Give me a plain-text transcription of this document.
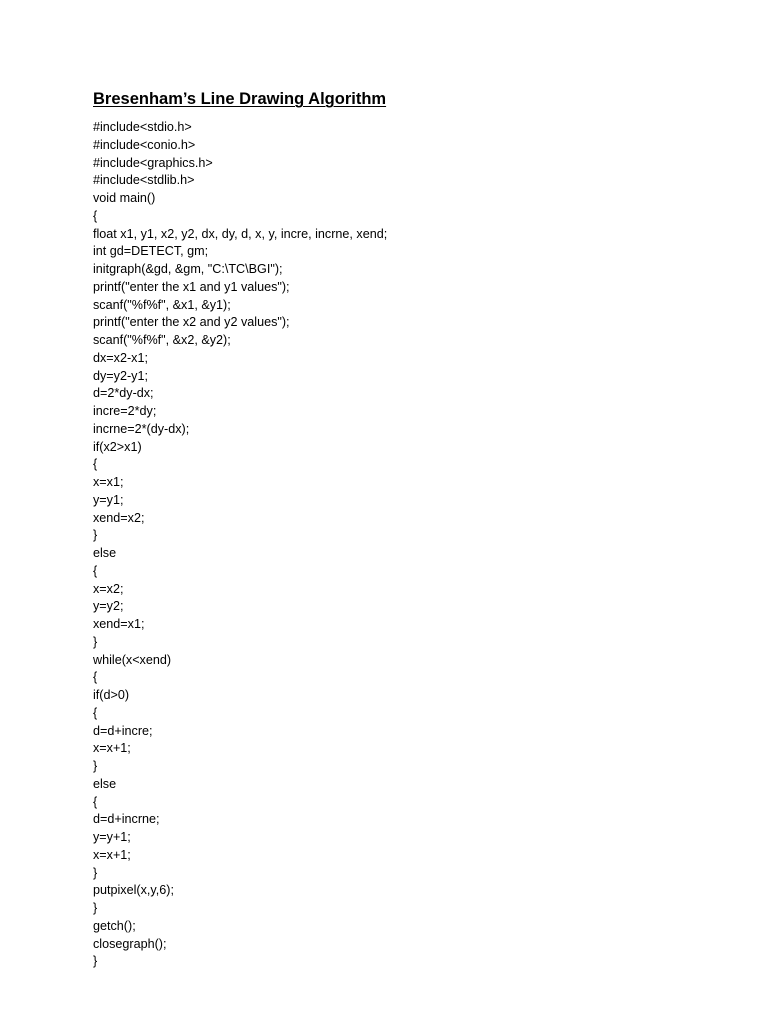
Bresenham’s Line Drawing Algorithm
#include<stdio.h>
#include<conio.h>
#include<graphics.h>
#include<stdlib.h>
void main()
{
float x1, y1, x2, y2, dx, dy, d, x, y, incre, incrne, xend;
int gd=DETECT, gm;
initgraph(&gd, &gm, "C:\TC\BGI");
printf("enter the x1 and y1 values");
scanf("%f%f", &x1, &y1);
printf("enter the x2 and y2 values");
scanf("%f%f", &x2, &y2);
dx=x2-x1;
dy=y2-y1;
d=2*dy-dx;
incre=2*dy;
incrne=2*(dy-dx);
if(x2>x1)
{
x=x1;
y=y1;
xend=x2;
}
else
{
x=x2;
y=y2;
xend=x1;
}
while(x<xend)
{
if(d>0)
{
d=d+incre;
x=x+1;
}
else
{
d=d+incrne;
y=y+1;
x=x+1;
}
putpixel(x,y,6);
}
getch();
closegraph();
}
